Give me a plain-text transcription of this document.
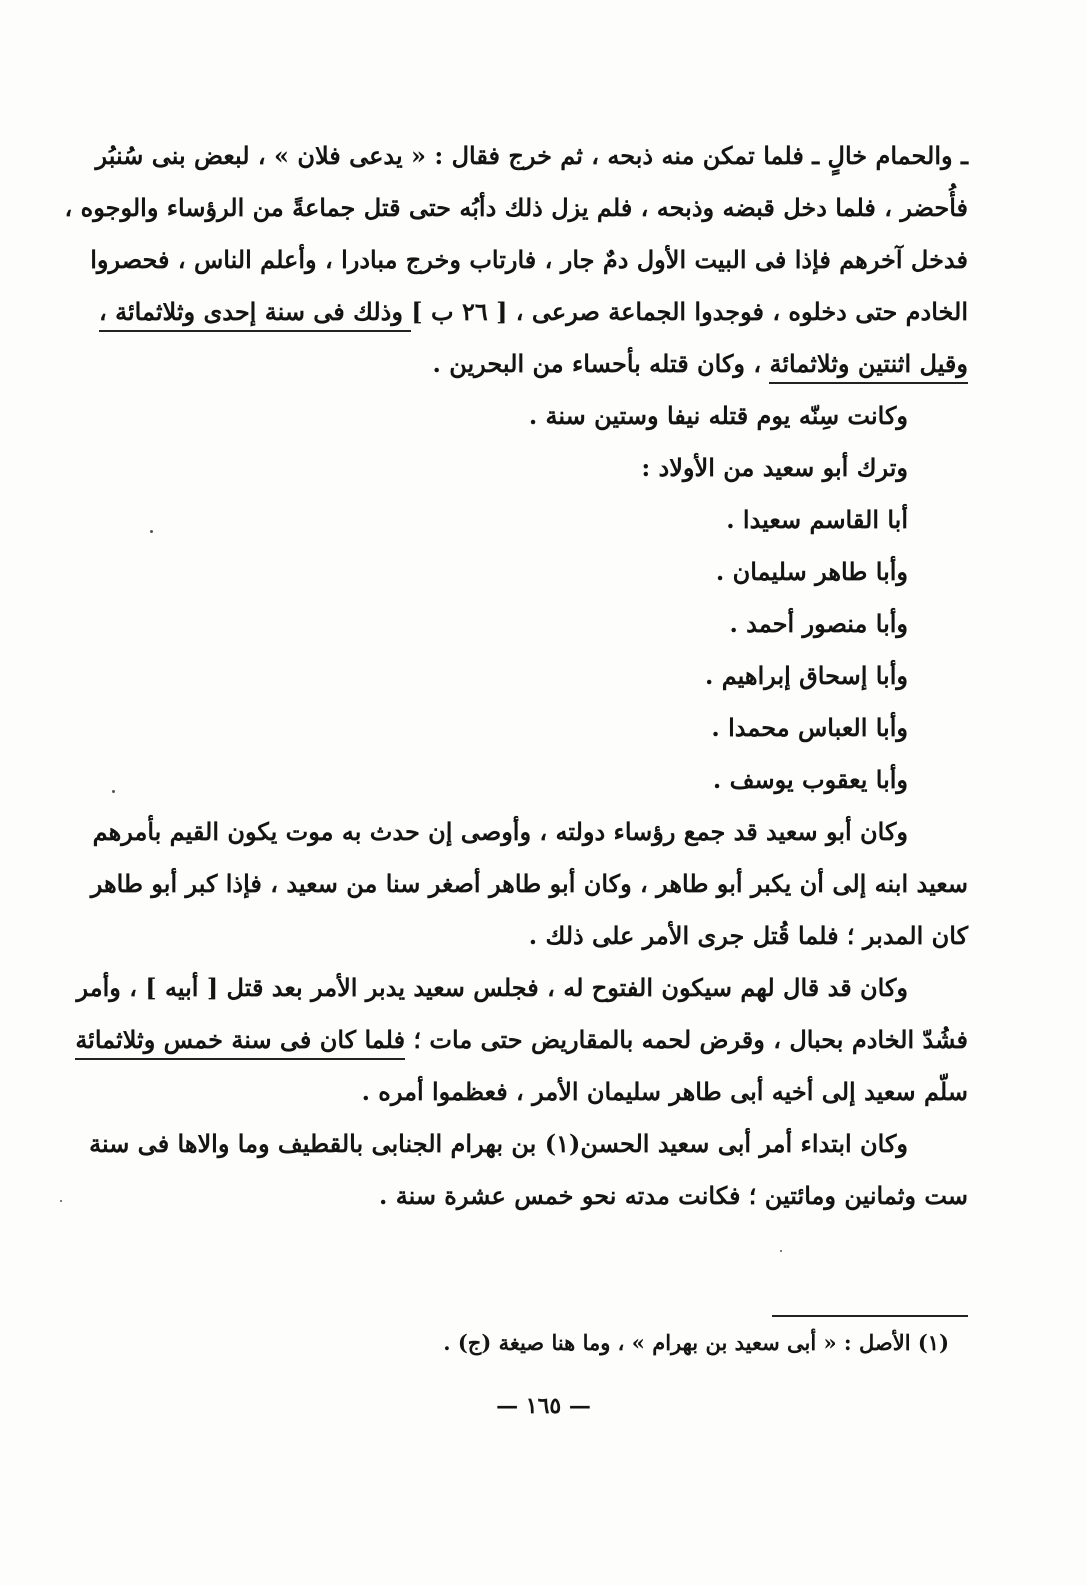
ـ والحمام خالٍ ـ فلما تمكن منه ذبحه ، ثم خرج فقال : « يدعى فلان » ، لبعض بنى سُنبُر
فأُحضر ، فلما دخل قبضه وذبحه ، فلم يزل ذلك دأبُه حتى قتل جماعةً من الرؤساء والوجوه ،
فدخل آخرهم فإذا فى البيت الأول دمٌ جار ، فارتاب وخرج مبادرا ، وأعلم الناس ، فحصروا
الخادم حتى دخلوه ، فوجدوا الجماعة صرعى ، [ ٢٦ ب ] وذلك فى سنة إحدى وثلاثمائة ،
وقيل اثنتين وثلاثمائة ، وكان قتله بأحساء من البحرين .
وكانت سِنّه يوم قتله نيفا وستين سنة .
وترك أبو سعيد من الأولاد :
أبا القاسم سعيدا .
وأبا طاهر سليمان .
وأبا منصور أحمد .
وأبا إسحاق إبراهيم .
وأبا العباس محمدا .
وأبا يعقوب يوسف .
وكان أبو سعيد قد جمع رؤساء دولته ، وأوصى إن حدث به موت يكون القيم بأمرهم
سعيد ابنه إلى أن يكبر أبو طاهر ، وكان أبو طاهر أصغر سنا من سعيد ، فإذا كبر أبو طاهر
كان المدبر ؛ فلما قُتل جرى الأمر على ذلك .
وكان قد قال لهم سيكون الفتوح له ، فجلس سعيد يدبر الأمر بعد قتل [ أبيه ] ، وأمر
فشُدّ الخادم بحبال ، وقرض لحمه بالمقاريض حتى مات ؛ فلما كان فى سنة خمس وثلاثمائة
سلّم سعيد إلى أخيه أبى طاهر سليمان الأمر ، فعظموا أمره .
وكان ابتداء أمر أبى سعيد الحسن(١) بن بهرام الجنابى بالقطيف وما والاها فى سنة
ست وثمانين ومائتين ؛ فكانت مدته نحو خمس عشرة سنة .
(١) الأصل : « أبى سعيد بن بهرام » ، وما هنا صيغة (ج) .
— ١٦٥ —
